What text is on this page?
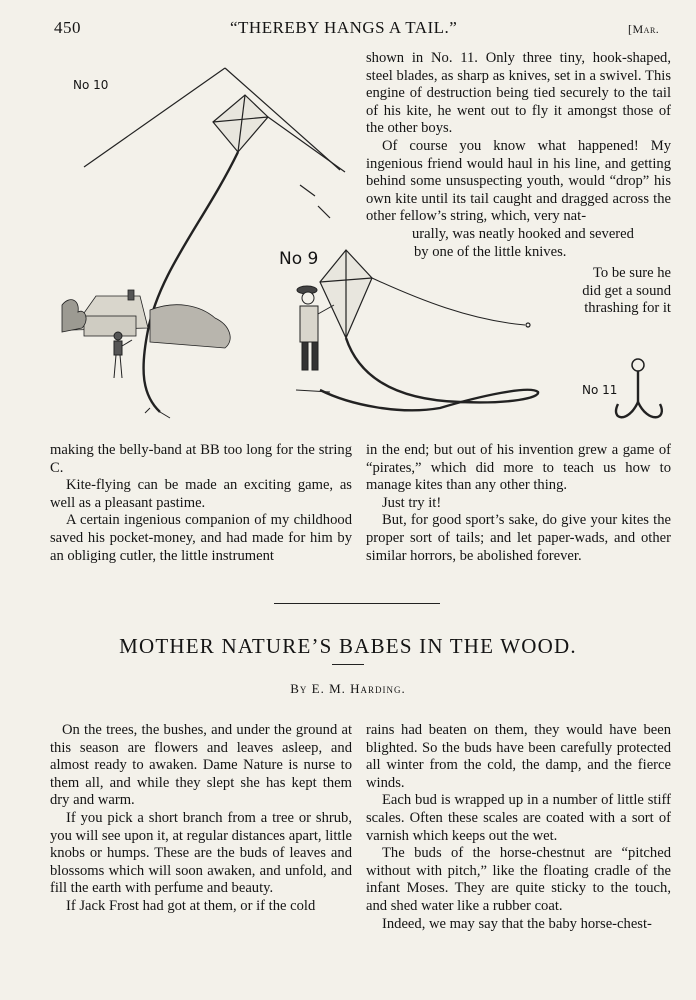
450	“THEREBY HANGS A TAIL.”	[Mar.
No 10
No 9
No 11

shown in No. 11. Only three tiny, hook-shaped, steel blades, as sharp as knives, set in a swivel. This engine of destruction being tied securely to the tail of his kite, he went out to fly it amongst those of the other boys.

Of course you know what happened! My ingenious friend would haul in his line, and getting behind some unsuspecting youth, would “drop” his own kite until its tail caught and dragged across the other fellow’s string, which, very nat-

urally, was neatly hooked and severed
by one of the little knives.
To be sure he
did get a sound
thrashing for it

making the belly-band at BB too long for the string C.

Kite-flying can be made an exciting game, as well as a pleasant pastime.

A certain ingenious companion of my childhood saved his pocket-money, and had made for him by an obliging cutler, the little instrument

in the end; but out of his invention grew a game of “pirates,” which did more to teach us how to manage kites than any other thing.

Just try it!

But, for good sport’s sake, do give your kites the proper sort of tails; and let paper-wads, and other similar horrors, be abolished forever.

MOTHER NATURE’S BABES IN THE WOOD.
By E. M. Harding.

On the trees, the bushes, and under the ground at this season are flowers and leaves asleep, and almost ready to awaken. Dame Nature is nurse to them all, and while they slept she has kept them dry and warm.

If you pick a short branch from a tree or shrub, you will see upon it, at regular distances apart, little knobs or humps. These are the buds of leaves and blossoms which will soon awaken, and unfold, and fill the earth with perfume and beauty.

If Jack Frost had got at them, or if the cold

rains had beaten on them, they would have been blighted. So the buds have been carefully protected all winter from the cold, the damp, and the fierce winds.

Each bud is wrapped up in a number of little stiff scales. Often these scales are coated with a sort of varnish which keeps out the wet.

The buds of the horse-chestnut are “pitched without with pitch,” like the floating cradle of the infant Moses. They are quite sticky to the touch, and shed water like a rubber coat.

Indeed, we may say that the baby horse-chest-
